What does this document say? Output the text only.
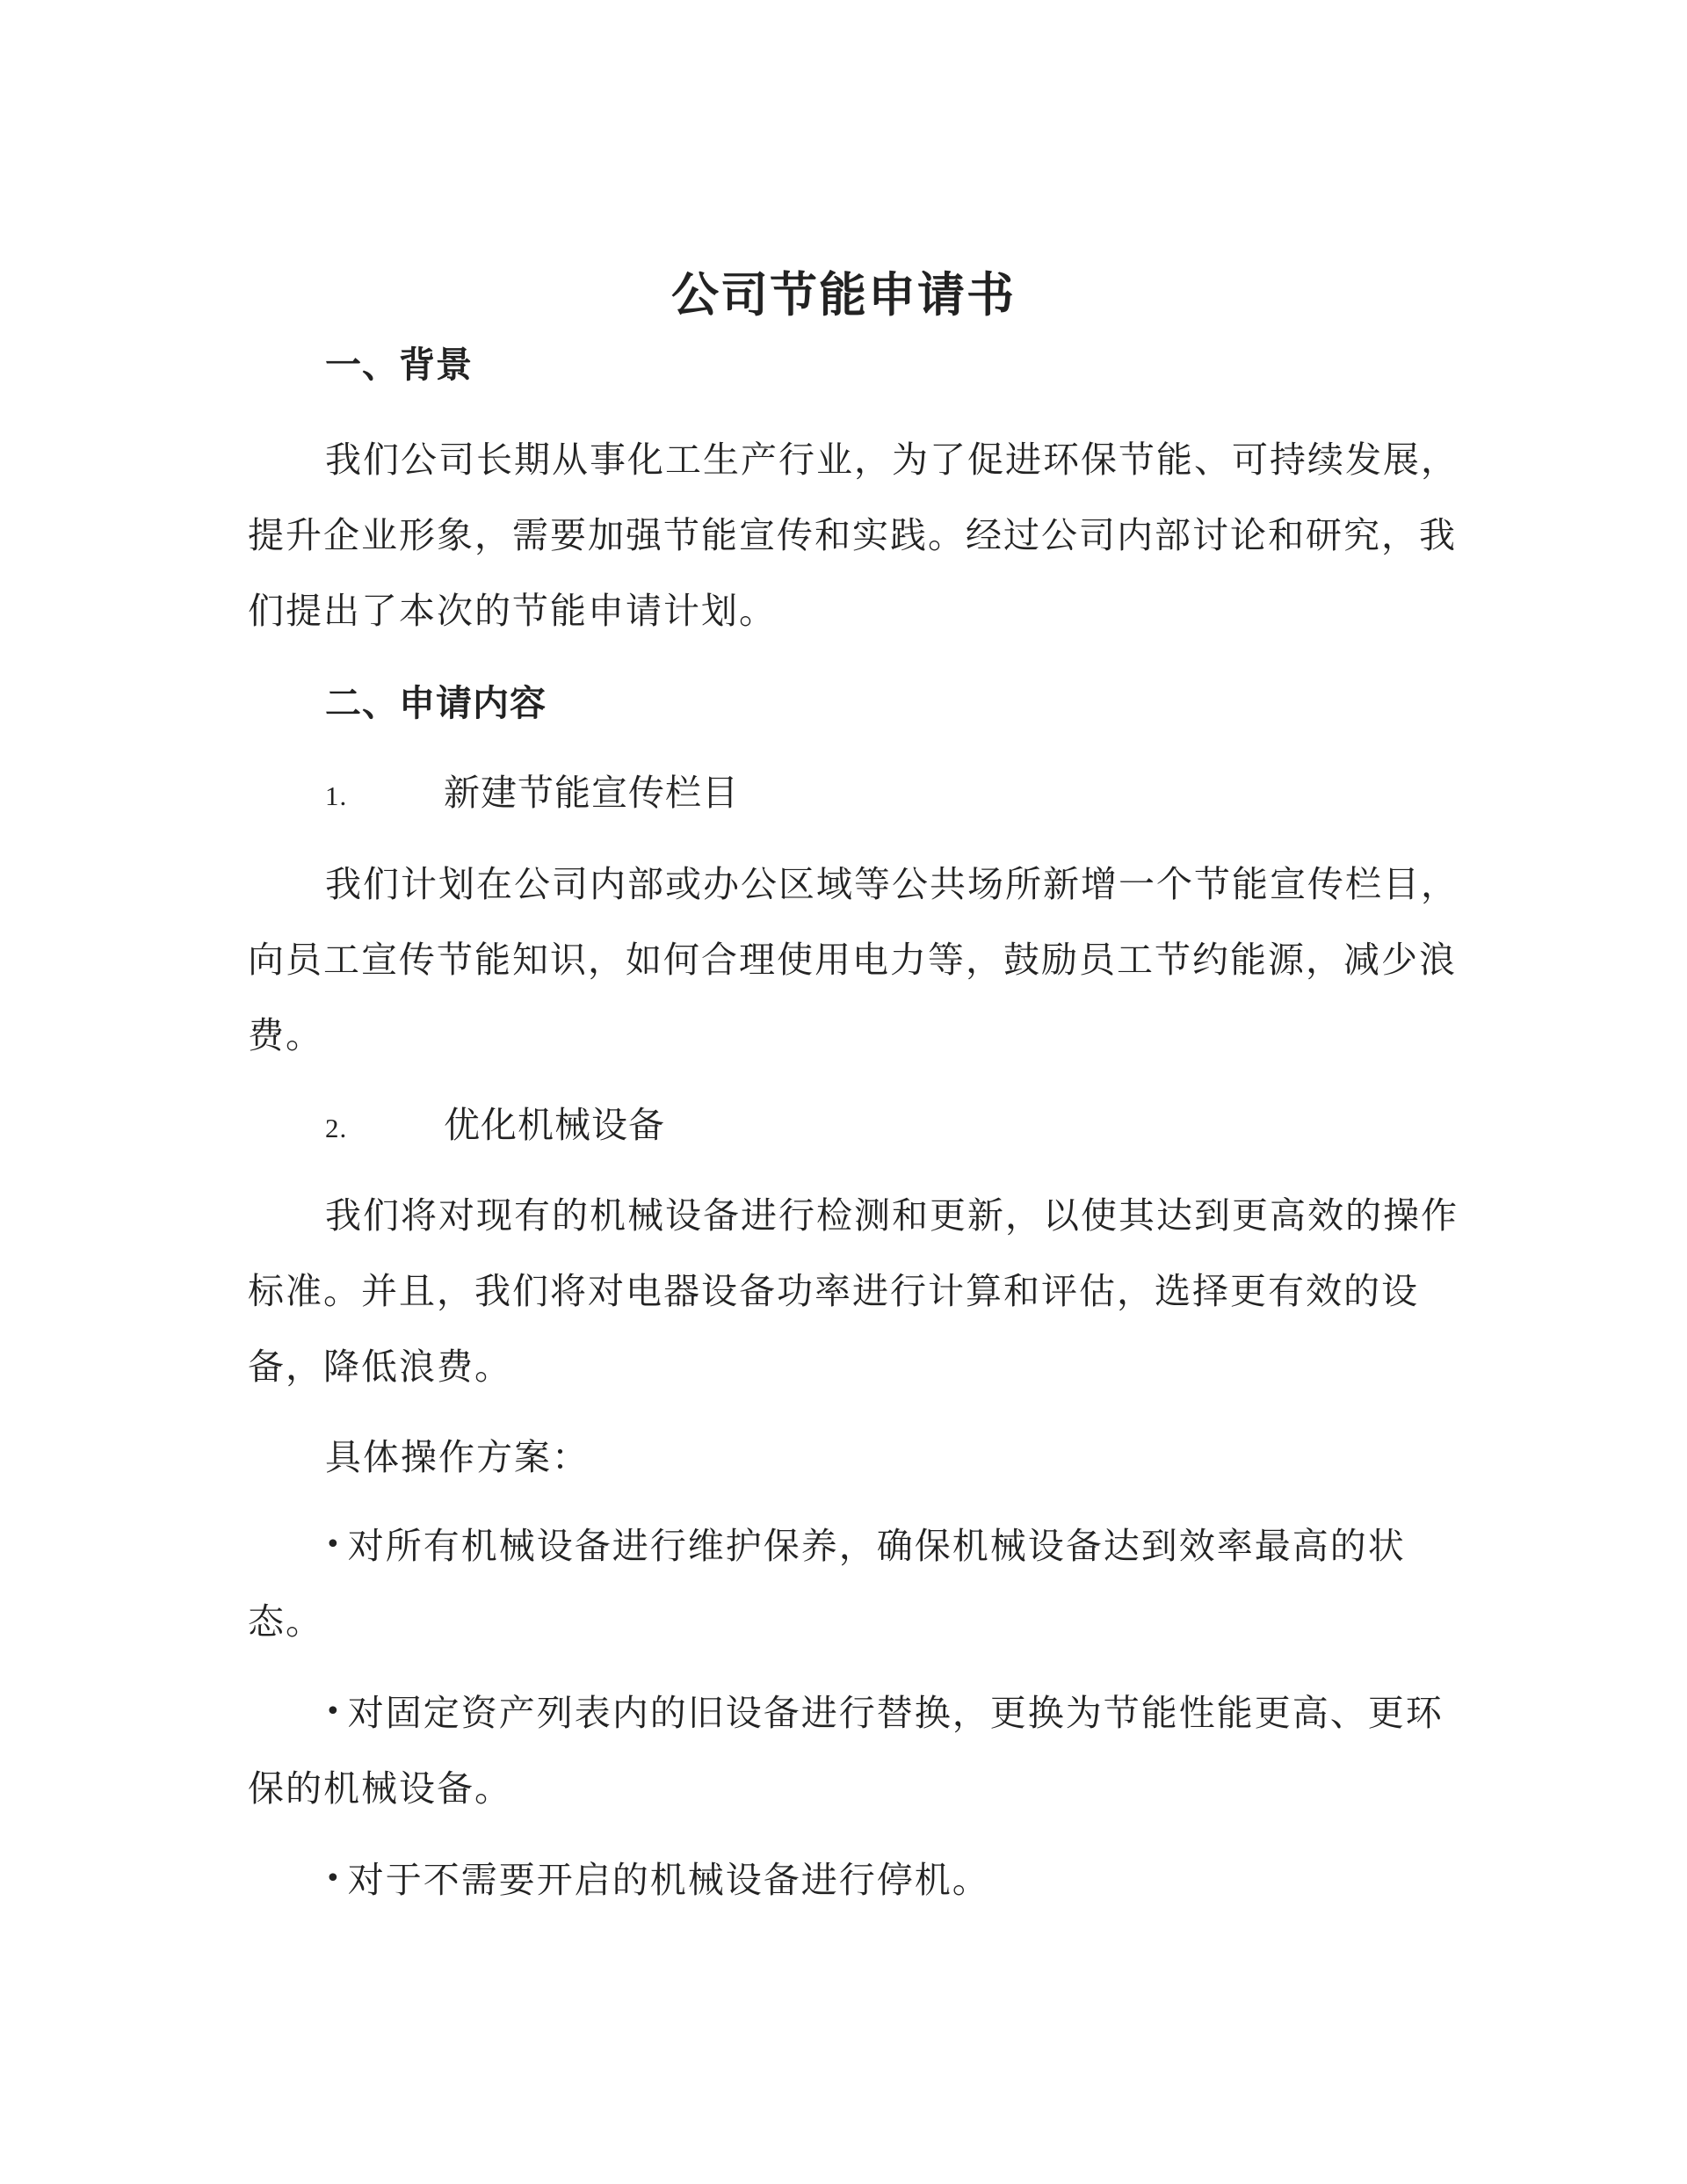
公司节能申请书
一、背景
我们公司长期从事化工生产行业，为了促进环保节能、可持续发展，提升企业形象，需要加强节能宣传和实践。经过公司内部讨论和研究，我们提出了本次的节能申请计划。
二、申请内容
1.	新建节能宣传栏目
我们计划在公司内部或办公区域等公共场所新增一个节能宣传栏目，向员工宣传节能知识，如何合理使用电力等，鼓励员工节约能源，减少浪费。
2.	优化机械设备
我们将对现有的机械设备进行检测和更新，以使其达到更高效的操作标准。并且，我们将对电器设备功率进行计算和评估，选择更有效的设备，降低浪费。
具体操作方案：
• 对所有机械设备进行维护保养，确保机械设备达到效率最高的状态。
• 对固定资产列表内的旧设备进行替换，更换为节能性能更高、更环保的机械设备。
• 对于不需要开启的机械设备进行停机。
